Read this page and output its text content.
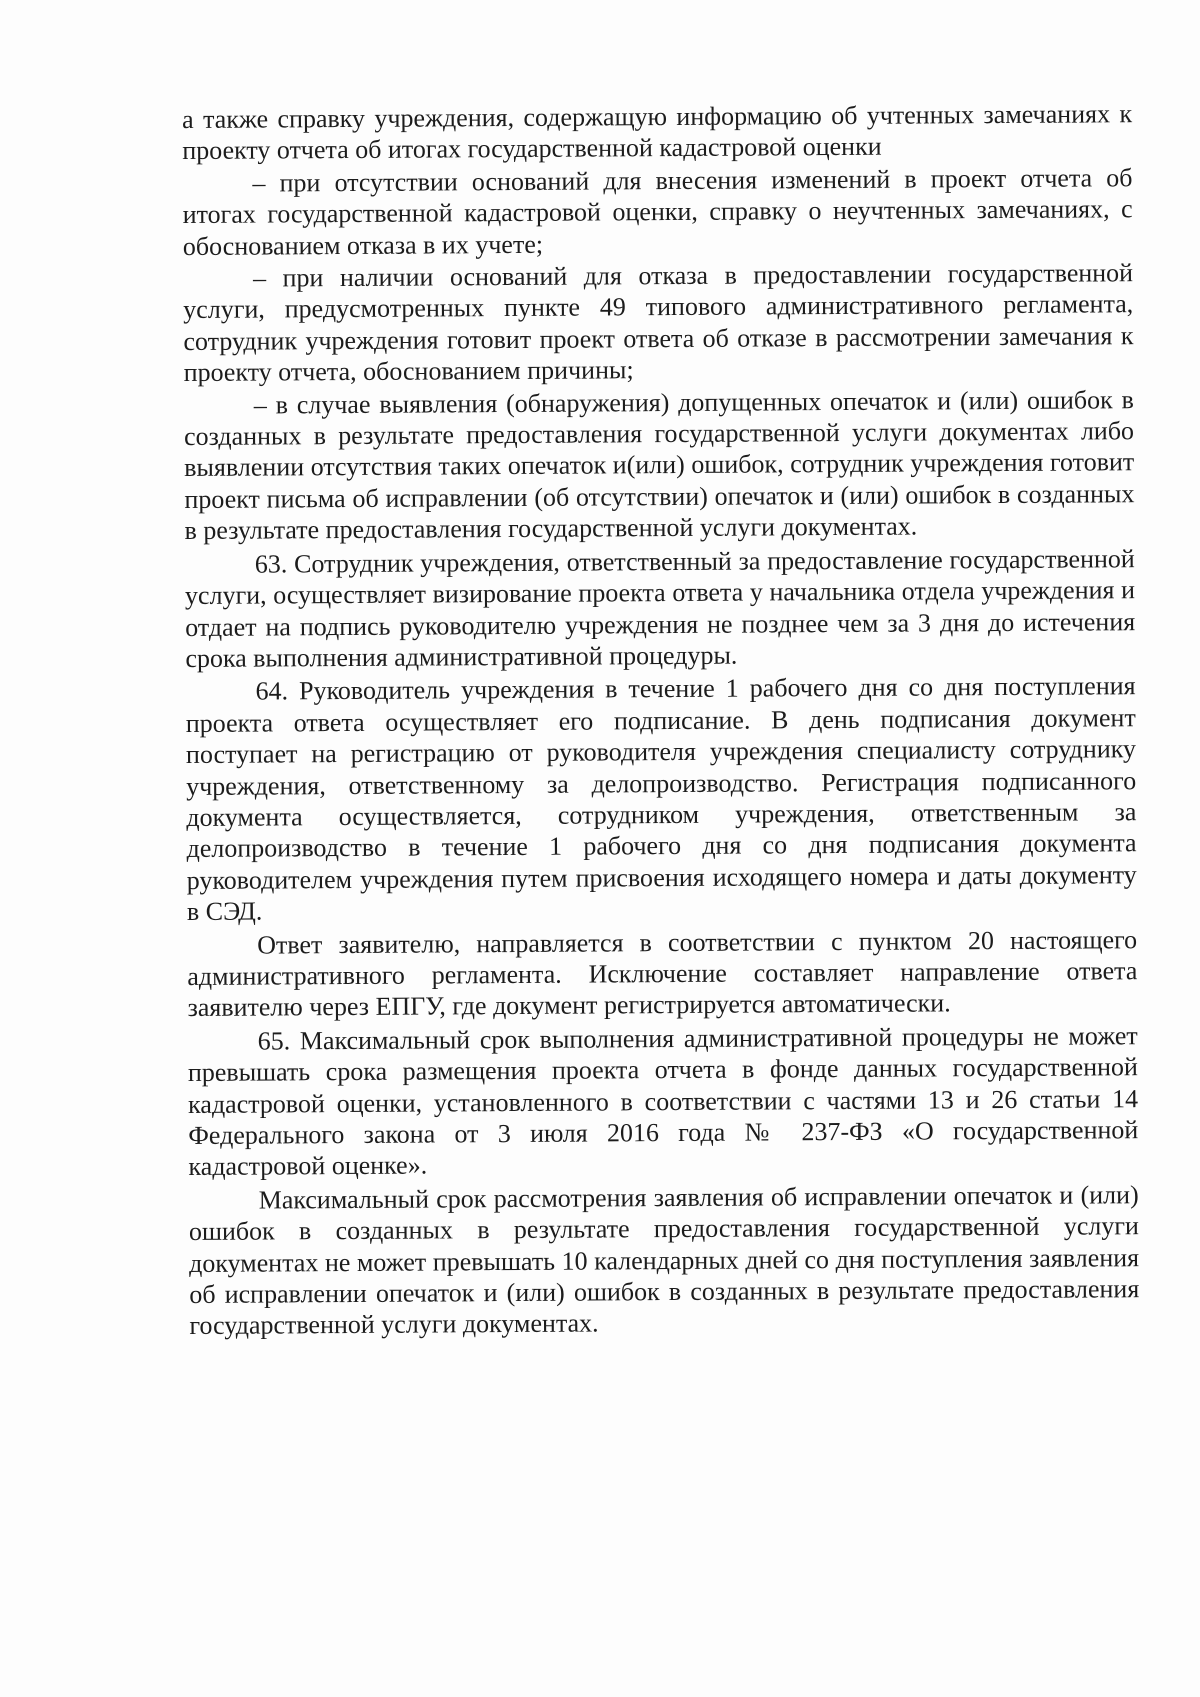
а также справку учреждения, содержащую информацию об учтенных замечаниях к проекту отчета об итогах государственной кадастровой оценки

– при отсутствии оснований для внесения изменений в проект отчета об итогах государственной кадастровой оценки, справку о неучтенных замечаниях, с обоснованием отказа в их учете;

– при наличии оснований для отказа в предоставлении государственной услуги, предусмотренных пункте 49 типового административного регламента, сотрудник учреждения готовит проект ответа об отказе в рассмотрении замечания к проекту отчета, обоснованием причины;

– в случае выявления (обнаружения) допущенных опечаток и (или) ошибок в созданных в результате предоставления государственной услуги документах либо выявлении отсутствия таких опечаток и(или) ошибок, сотрудник учреждения готовит проект письма об исправлении (об отсутствии) опечаток и (или) ошибок в созданных в результате предоставления государственной услуги документах.

63. Сотрудник учреждения, ответственный за предоставление государственной услуги, осуществляет визирование проекта ответа у начальника отдела учреждения и отдает на подпись руководителю учреждения не позднее чем за 3 дня до истечения срока выполнения административной процедуры.

64. Руководитель учреждения в течение 1 рабочего дня со дня поступления проекта ответа осуществляет его подписание. В день подписания документ поступает на регистрацию от руководителя учреждения специалисту сотруднику учреждения, ответственному за делопроизводство. Регистрация подписанного документа осуществляется, сотрудником учреждения, ответственным за делопроизводство в течение 1 рабочего дня со дня подписания документа руководителем учреждения путем присвоения исходящего номера и даты документу в СЭД.

Ответ заявителю, направляется в соответствии с пунктом 20 настоящего административного регламента. Исключение составляет направление ответа заявителю через ЕПГУ, где документ регистрируется автоматически.

65. Максимальный срок выполнения административной процедуры не может превышать срока размещения проекта отчета в фонде данных государственной кадастровой оценки, установленного в соответствии с частями 13 и 26 статьи 14 Федерального закона от 3 июля 2016 года № 237-ФЗ «О государственной кадастровой оценке».

Максимальный срок рассмотрения заявления об исправлении опечаток и (или) ошибок в созданных в результате предоставления государственной услуги документах не может превышать 10 календарных дней со дня поступления заявления об исправлении опечаток и (или) ошибок в созданных в результате предоставления государственной услуги документах.
